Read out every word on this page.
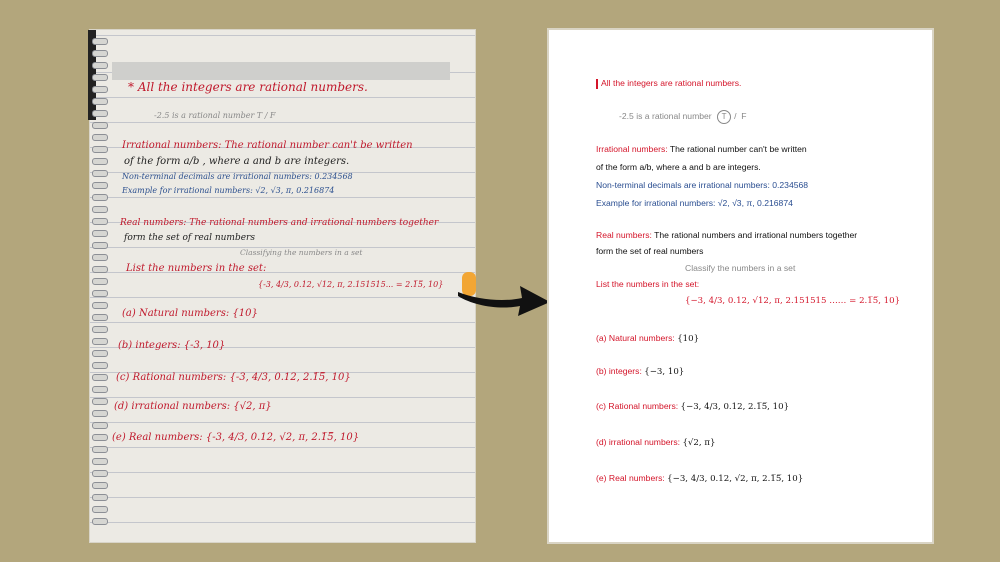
* All the integers are rational numbers.
-2.5 is a rational number T / F
Irrational numbers: The rational number can't be written
of the form a/b , where a and b are integers.
Non-terminal decimals are irrational numbers: 0.234568
Example for irrational numbers: √2, √3, π, 0.216874
Real numbers: The rational numbers and irrational numbers together
form the set of real numbers
Classifying the numbers in a set
List the numbers in the set:
{-3, 4/3, 0.12, √12, π, 2.151515... = 2.1̅5̅, 10}
(a) Natural numbers: {10}
(b) integers: {-3, 10}
(c) Rational numbers: {-3, 4/3, 0.12, 2.1̅5̅, 10}
(d) irrational numbers: {√2, π}
(e) Real numbers: {-3, 4/3, 0.12, √2, π, 2.1̅5̅, 10}
All the integers are rational numbers.
-2.5 is a rational number T / F
Irrational numbers: The rational number can't be written
of the form a/b, where a and b are integers.
Non-terminal decimals are irrational numbers: 0.234568
Example for irrational numbers: √2, √3, π, 0.216874
Real numbers: The rational numbers and irrational numbers together
form the set of real numbers
Classify the numbers in a set
List the numbers in the set:
{−3, 4/3, 0.12, √12, π, 2.151515 …… = 2.1̅5̅, 10}
(a) Natural numbers: {10}
(b) integers: {−3, 10}
(c) Rational numbers: {−3, 4/3, 0.12, 2.1̅5̅, 10}
(d) irrational numbers: {√2, π}
(e) Real numbers: {−3, 4/3, 0.12, √2, π, 2.1̅5̅, 10}
